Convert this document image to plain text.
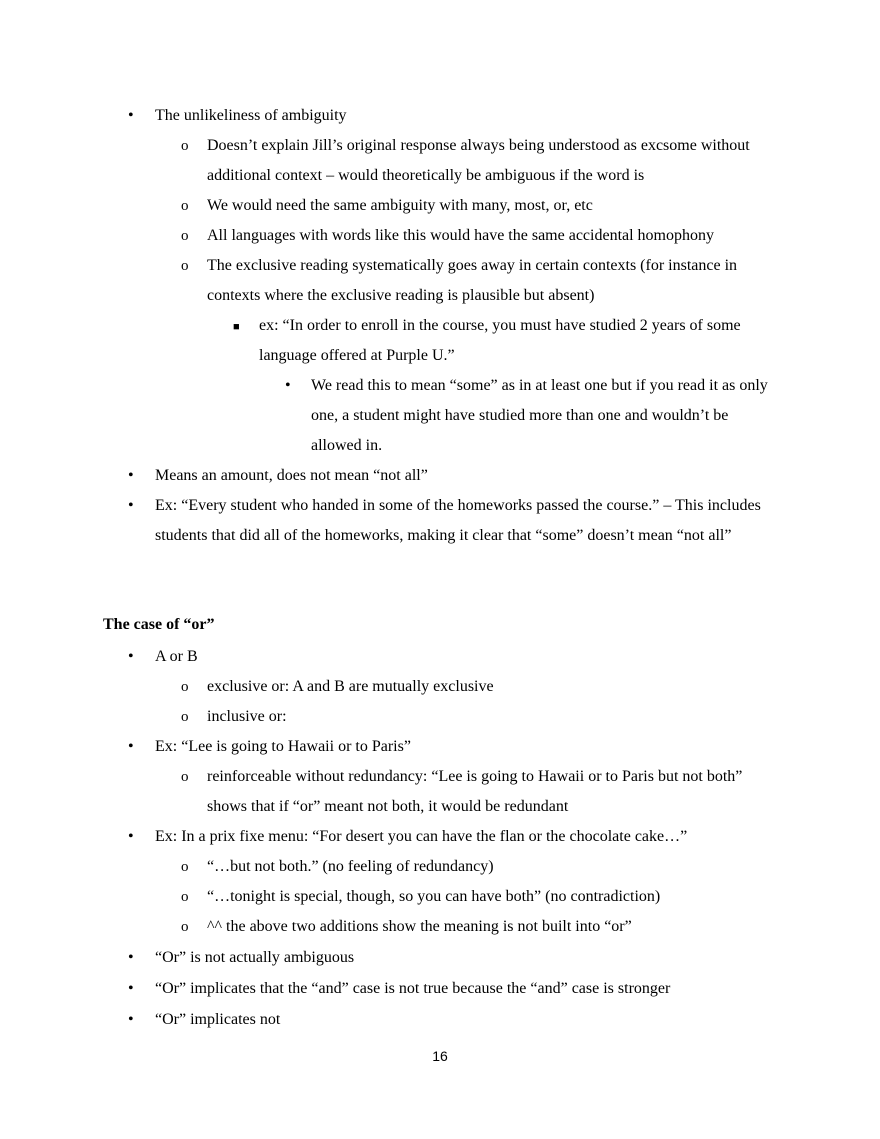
• The unlikeliness of ambiguity
o Doesn’t explain Jill’s original response always being understood as excsome without additional context – would theoretically be ambiguous if the word is
o We would need the same ambiguity with many, most, or, etc
o All languages with words like this would have the same accidental homophony
o The exclusive reading systematically goes away in certain contexts (for instance in contexts where the exclusive reading is plausible but absent)
■ ex: “In order to enroll in the course, you must have studied 2 years of some language offered at Purple U.”
• We read this to mean “some” as in at least one but if you read it as only one, a student might have studied more than one and wouldn’t be allowed in.
• Means an amount, does not mean “not all”
• Ex: “Every student who handed in some of the homeworks passed the course.” – This includes students that did all of the homeworks, making it clear that “some” doesn’t mean “not all”
The case of “or”
• A or B
o exclusive or: A and B are mutually exclusive
o inclusive or:
• Ex: “Lee is going to Hawaii or to Paris”
o reinforceable without redundancy: “Lee is going to Hawaii or to Paris but not both” shows that if “or” meant not both, it would be redundant
• Ex: In a prix fixe menu: “For desert you can have the flan or the chocolate cake…”
o “…but not both.” (no feeling of redundancy)
o “…tonight is special, though, so you can have both” (no contradiction)
o ^^ the above two additions show the meaning is not built into “or”
• “Or” is not actually ambiguous
• “Or” implicates that the “and” case is not true because the “and” case is stronger
• “Or” implicates not
16
